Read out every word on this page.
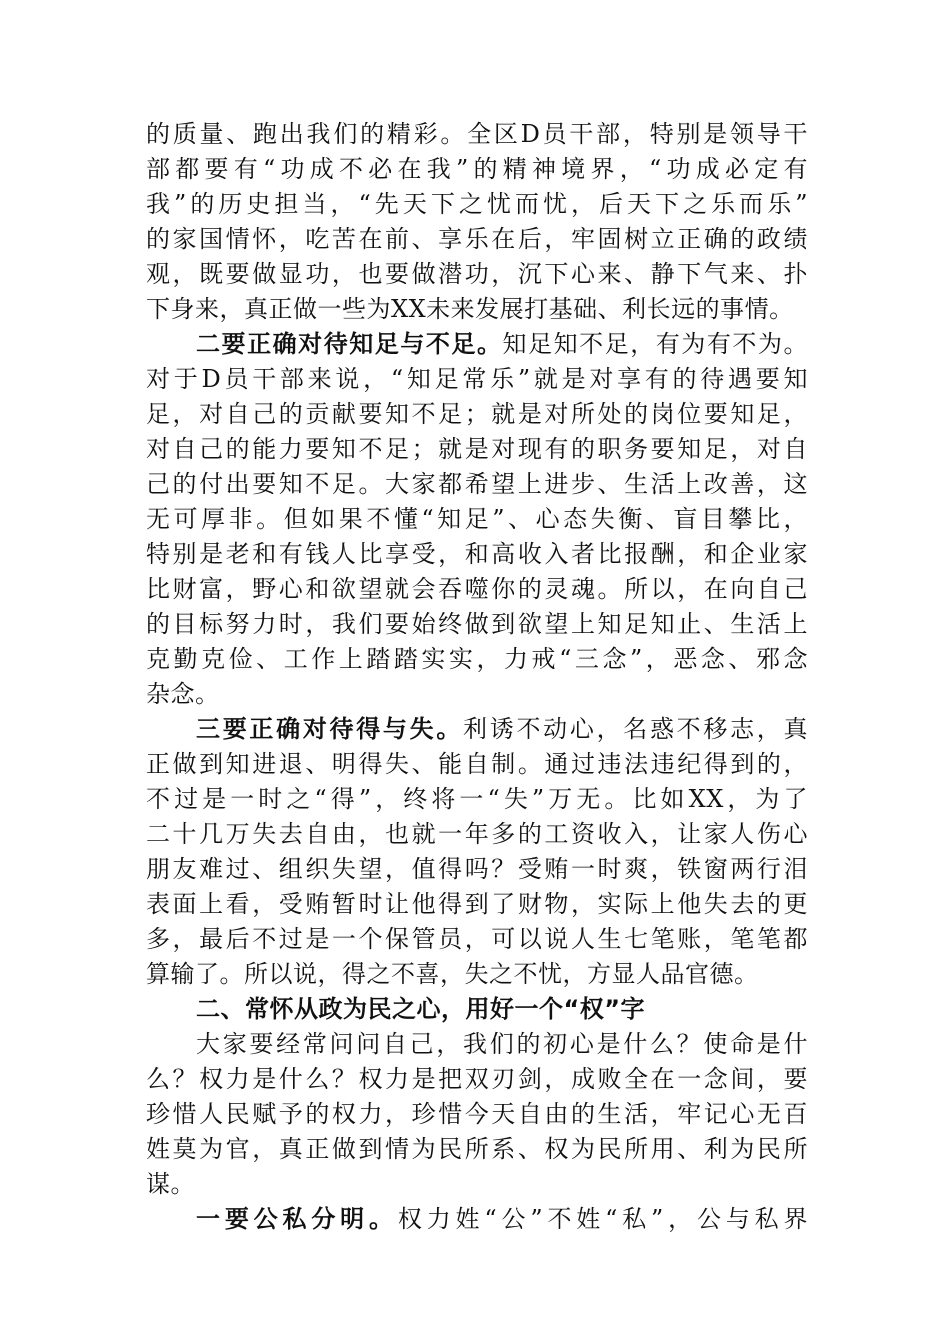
的质量、跑出我们的精彩。全区D员干部，特别是领导干
部都要有“功成不必在我”的精神境界，“功成必定有
我”的历史担当，“先天下之忧而忧，后天下之乐而乐”
的家国情怀，吃苦在前、享乐在后，牢固树立正确的政绩
观，既要做显功，也要做潜功，沉下心来、静下气来、扑
下身来，真正做一些为XX未来发展打基础、利长远的事情。
二要正确对待知足与不足。知足知不足，有为有不为。
对于D员干部来说，“知足常乐”就是对享有的待遇要知
足，对自己的贡献要知不足；就是对所处的岗位要知足，
对自己的能力要知不足；就是对现有的职务要知足，对自
己的付出要知不足。大家都希望上进步、生活上改善，这
无可厚非。但如果不懂“知足”、心态失衡、盲目攀比，
特别是老和有钱人比享受，和高收入者比报酬，和企业家
比财富，野心和欲望就会吞噬你的灵魂。所以，在向自己
的目标努力时，我们要始终做到欲望上知足知止、生活上
克勤克俭、工作上踏踏实实，力戒“三念”，恶念、邪念
杂念。
三要正确对待得与失。利诱不动心，名惑不移志，真
正做到知进退、明得失、能自制。通过违法违纪得到的，
不过是一时之“得”，终将一“失”万无。比如XX，为了
二十几万失去自由，也就一年多的工资收入，让家人伤心
朋友难过、组织失望，值得吗？受贿一时爽，铁窗两行泪
表面上看，受贿暂时让他得到了财物，实际上他失去的更
多，最后不过是一个保管员，可以说人生七笔账，笔笔都
算输了。所以说，得之不喜，失之不忧，方显人品官德。
二、常怀从政为民之心，用好一个“权”字
大家要经常问问自己，我们的初心是什么？使命是什
么？权力是什么？权力是把双刃剑，成败全在一念间，要
珍惜人民赋予的权力，珍惜今天自由的生活，牢记心无百
姓莫为官，真正做到情为民所系、权为民所用、利为民所
谋。
一要公私分明。权力姓“公”不姓“私”，公与私界
